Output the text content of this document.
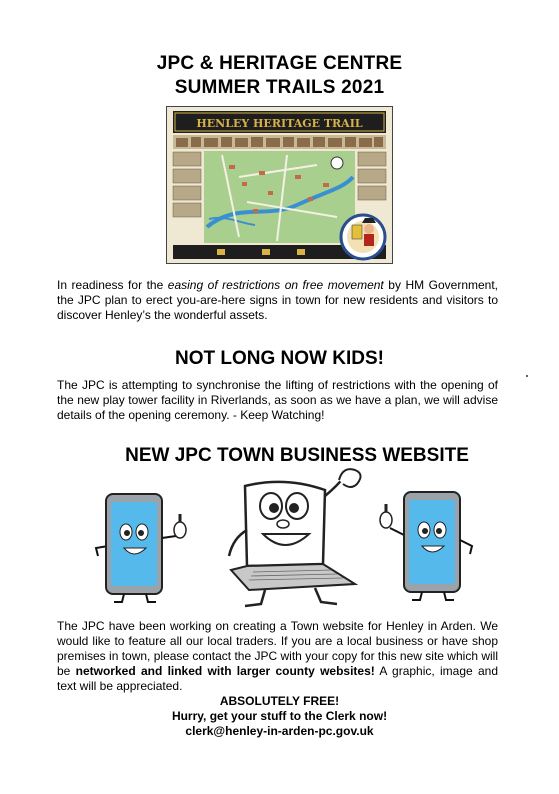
JPC & HERITAGE CENTRE
SUMMER TRAILS 2021
HENLEY HERITAGE TRAIL
In readiness for the easing of restrictions on free movement by HM Government, the JPC plan to erect you-are-here signs in town for new residents and visitors to discover Henley’s the wonderful assets.
NOT LONG NOW KIDS!
The JPC is attempting to synchronise the lifting of restrictions with the opening of the new play tower facility in Riverlands, as soon as we have a plan, we will advise details of the opening ceremony. - Keep Watching!
NEW JPC TOWN BUSINESS WEBSITE
The JPC have been working on creating a Town website for Henley in Arden. We would like to feature all our local traders. If you are a local business or have shop premises in town, please contact the JPC with your copy for this new site which will be networked and linked with larger county websites! A graphic, image and text will be appreciated.
ABSOLUTELY FREE!
Hurry, get your stuff to the Clerk now!
clerk@henley-in-arden-pc.gov.uk
